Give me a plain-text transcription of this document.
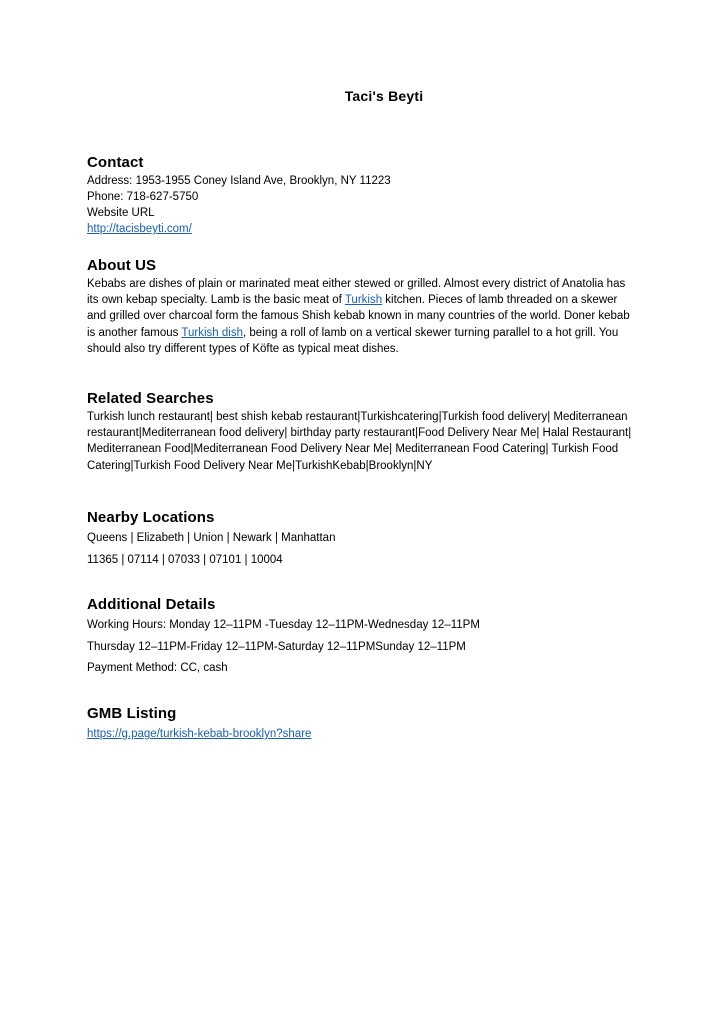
Taci's Beyti
Contact
Address: 1953-1955 Coney Island Ave, Brooklyn, NY 11223
Phone: 718-627-5750
Website URL
http://tacisbeyti.com/
About US
Kebabs are dishes of plain or marinated meat either stewed or grilled. Almost every district of Anatolia has its own kebap specialty. Lamb is the basic meat of Turkish kitchen. Pieces of lamb threaded on a skewer and grilled over charcoal form the famous Shish kebab known in many countries of the world. Doner kebab is another famous Turkish dish, being a roll of lamb on a vertical skewer turning parallel to a hot grill. You should also try different types of Köfte as typical meat dishes.
Related Searches
Turkish lunch restaurant| best shish kebab restaurant|Turkishcatering|Turkish food delivery| Mediterranean restaurant|Mediterranean food delivery| birthday party restaurant|Food Delivery Near Me| Halal Restaurant| Mediterranean Food|Mediterranean Food Delivery Near Me| Mediterranean Food Catering| Turkish Food Catering|Turkish Food Delivery Near Me|TurkishKebab|Brooklyn|NY
Nearby Locations
Queens | Elizabeth | Union | Newark | Manhattan
11365 | 07114 | 07033 | 07101 | 10004
Additional Details
Working Hours: Monday 12–11PM -Tuesday 12–11PM-Wednesday 12–11PM
Thursday 12–11PM-Friday 12–11PM-Saturday 12–11PMSunday 12–11PM
Payment Method: CC, cash
GMB Listing
https://g.page/turkish-kebab-brooklyn?share
